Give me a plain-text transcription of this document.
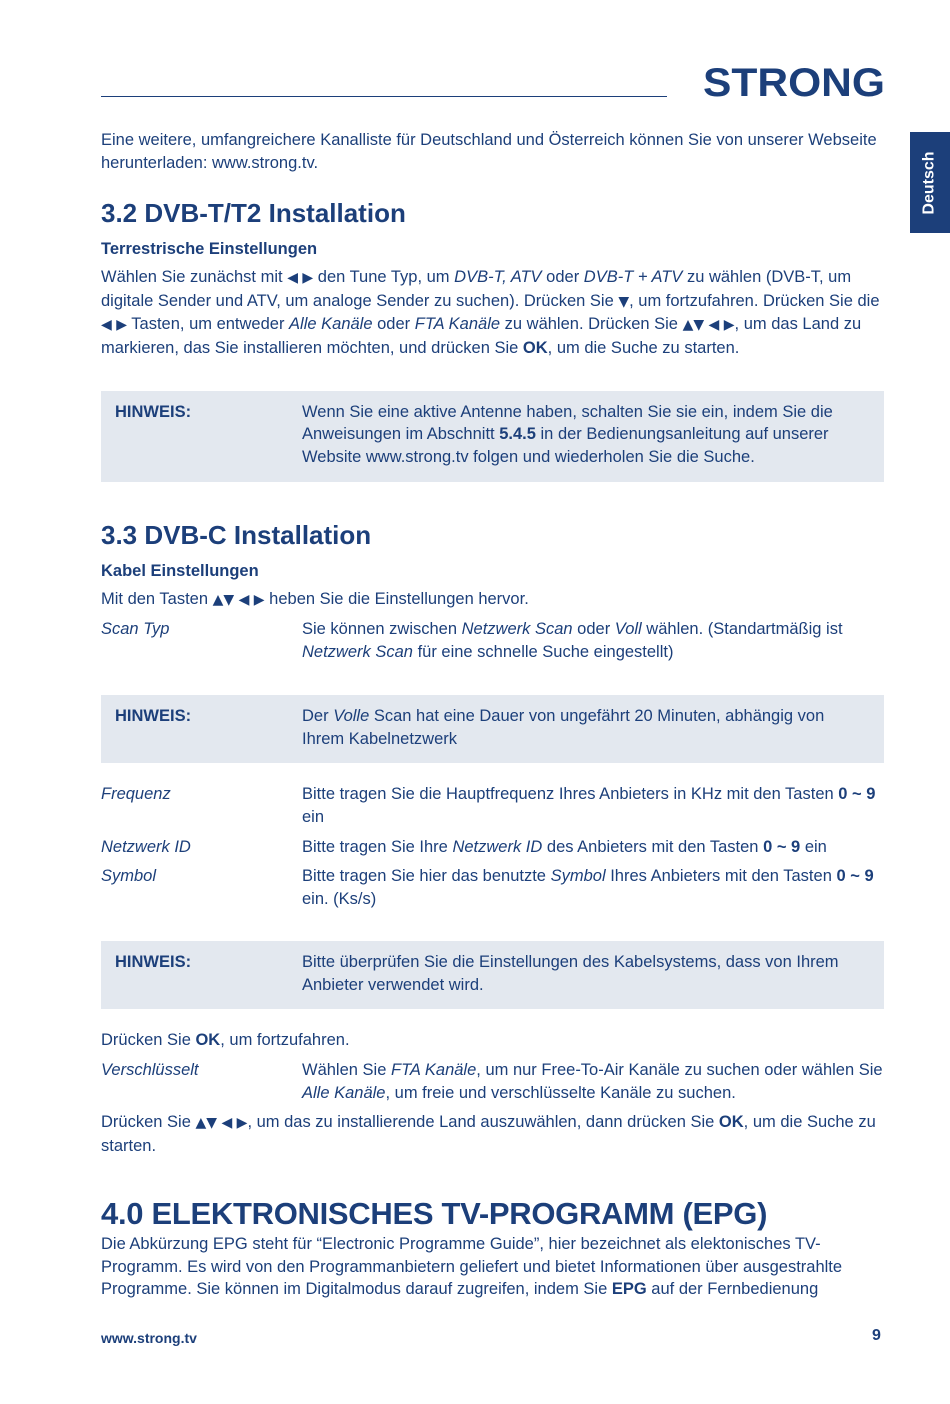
STRONG
Deutsch

Eine weitere, umfangreichere Kanalliste für Deutschland und Österreich können Sie von unserer Webseite herunterladen: www.strong.tv.

3.2 DVB-T/T2 Installation
Terrestrische Einstellungen

Wählen Sie zunächst mit ◀ ▶ den Tune Typ, um DVB-T, ATV oder DVB-T + ATV zu wählen (DVB-T, um digitale Sender und ATV, um analoge Sender zu suchen). Drücken Sie ▼, um fortzufahren. Drücken Sie die ◀ ▶ Tasten, um entweder Alle Kanäle oder FTA Kanäle zu wählen. Drücken Sie ▲▼ ◀ ▶, um das Land zu markieren, das Sie installieren möchten, und drücken Sie OK, um die Suche zu starten.

HINWEIS:	Wenn Sie eine aktive Antenne haben, schalten Sie sie ein, indem Sie die Anweisungen im Abschnitt 5.4.5 in der Bedienungsanleitung auf unserer Website www.strong.tv folgen und wiederholen Sie die Suche.

3.3 DVB-C Installation
Kabel Einstellungen

Mit den Tasten ▲▼ ◀ ▶ heben Sie die Einstellungen hervor.

Scan Typ	Sie können zwischen Netzwerk Scan oder Voll wählen. (Standartmäßig ist Netzwerk Scan für eine schnelle Suche eingestellt)

HINWEIS:	Der Volle Scan hat eine Dauer von ungefährt 20 Minuten, abhängig von Ihrem Kabelnetzwerk

Frequenz	Bitte tragen Sie die Hauptfrequenz Ihres Anbieters in KHz mit den Tasten 0 ~ 9 ein

Netzwerk ID	Bitte tragen Sie Ihre Netzwerk ID des Anbieters mit den Tasten 0 ~ 9 ein

Symbol	Bitte tragen Sie hier das benutzte Symbol Ihres Anbieters mit den Tasten 0 ~ 9 ein. (Ks/s)

HINWEIS:	Bitte überprüfen Sie die Einstellungen des Kabelsystems, dass von Ihrem Anbieter verwendet wird.

Drücken Sie OK, um fortzufahren.

Verschlüsselt	Wählen Sie FTA Kanäle, um nur Free-To-Air Kanäle zu suchen oder wählen Sie Alle Kanäle, um freie und verschlüsselte Kanäle zu suchen.

Drücken Sie ▲▼ ◀ ▶, um das zu installierende Land auszuwählen, dann drücken Sie OK, um die Suche zu starten.

4.0 ELEKTRONISCHES TV-PROGRAMM (EPG)

Die Abkürzung EPG steht für “Electronic Programme Guide”, hier bezeichnet als elektonisches TV-Programm. Es wird von den Programmanbietern geliefert und bietet Informationen über ausgestrahlte Programme. Sie können im Digitalmodus darauf zugreifen, indem Sie EPG auf der Fernbedienung

www.strong.tv	9
